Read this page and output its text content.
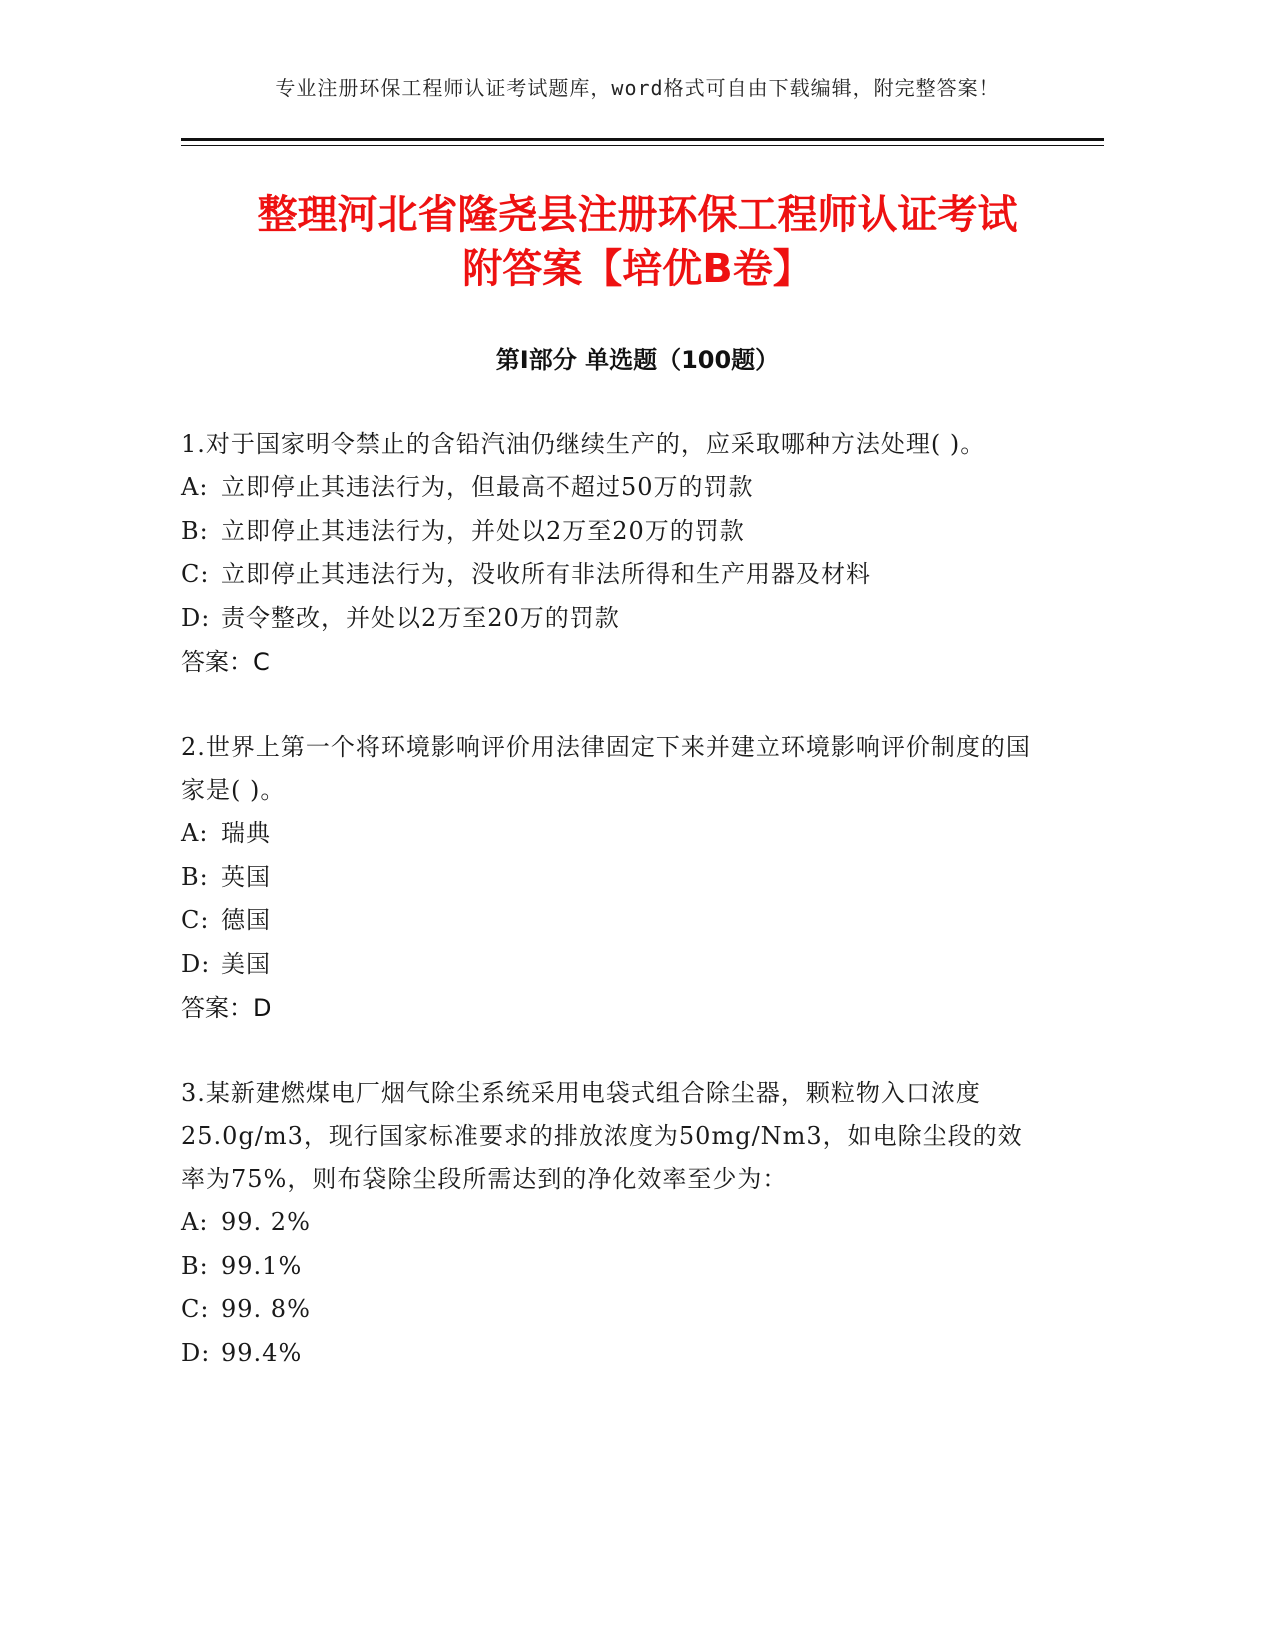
专业注册环保工程师认证考试题库，word格式可自由下载编辑，附完整答案！
整理河北省隆尧县注册环保工程师认证考试
附答案【培优B卷】
第Ⅰ部分 单选题（100题）

1.对于国家明令禁止的含铅汽油仍继续生产的，应采取哪种方法处理( )。

A: 立即停止其违法行为，但最高不超过50万的罚款
B: 立即停止其违法行为，并处以2万至20万的罚款
C: 立即停止其违法行为，没收所有非法所得和生产用器及材料
D: 责令整改，并处以2万至20万的罚款
答案：C

2.世界上第一个将环境影响评价用法律固定下来并建立环境影响评价制度的国家是( )。

A: 瑞典
B: 英国
C: 德国
D: 美国
答案：D

3.某新建燃煤电厂烟气除尘系统采用电袋式组合除尘器，颗粒物入口浓度25.0g/m3，现行国家标准要求的排放浓度为50mg/Nm3，如电除尘段的效率为75%，则布袋除尘段所需达到的净化效率至少为：

A: 99. 2%
B: 99.1%
C: 99. 8%
D: 99.4%
